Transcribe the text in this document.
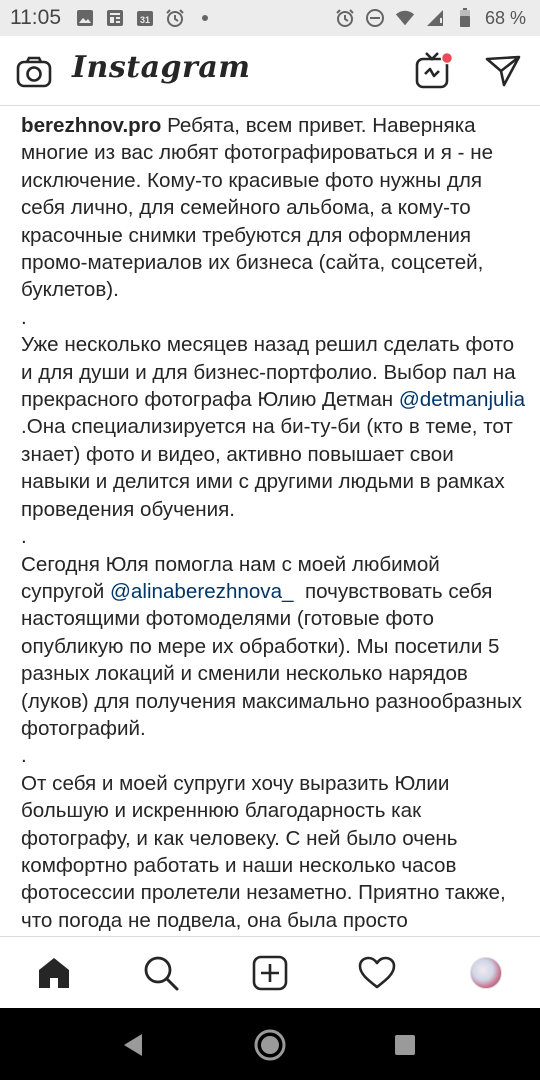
11:05	31	68 %
Instagram

berezhnov.pro Ребята, всем привет. Наверняка многие из вас любят фотографироваться и я - не исключение. Кому-то красивые фото нужны для себя лично, для семейного альбома, а кому-то красочные снимки требуются для оформления промо-материалов их бизнеса (сайта, соцсетей, буклетов).

.

Уже несколько месяцев назад решил сделать фото и для души и для бизнес-портфолио. Выбор пал на прекрасного фотографа Юлию Детман @detmanjulia .Она специализируется на би-ту-би (кто в теме, тот знает) фото и видео, активно повышает свои навыки и делится ими с другими людьми в рамках проведения обучения.

.

Сегодня Юля помогла нам с моей любимой супругой @alinaberezhnova_  почувствовать себя настоящими фотомоделями (готовые фото опубликую по мере их обработки). Мы посетили 5 разных локаций и сменили несколько нарядов (луков) для получения максимально разнообразных фотографий.

.

От себя и моей супруги хочу выразить Юлии большую и искреннюю благодарность как фотографу, и как человеку. С ней было очень комфортно работать и наши несколько часов фотосессии пролетели незаметно. Приятно также, что погода не подвела, она была просто
